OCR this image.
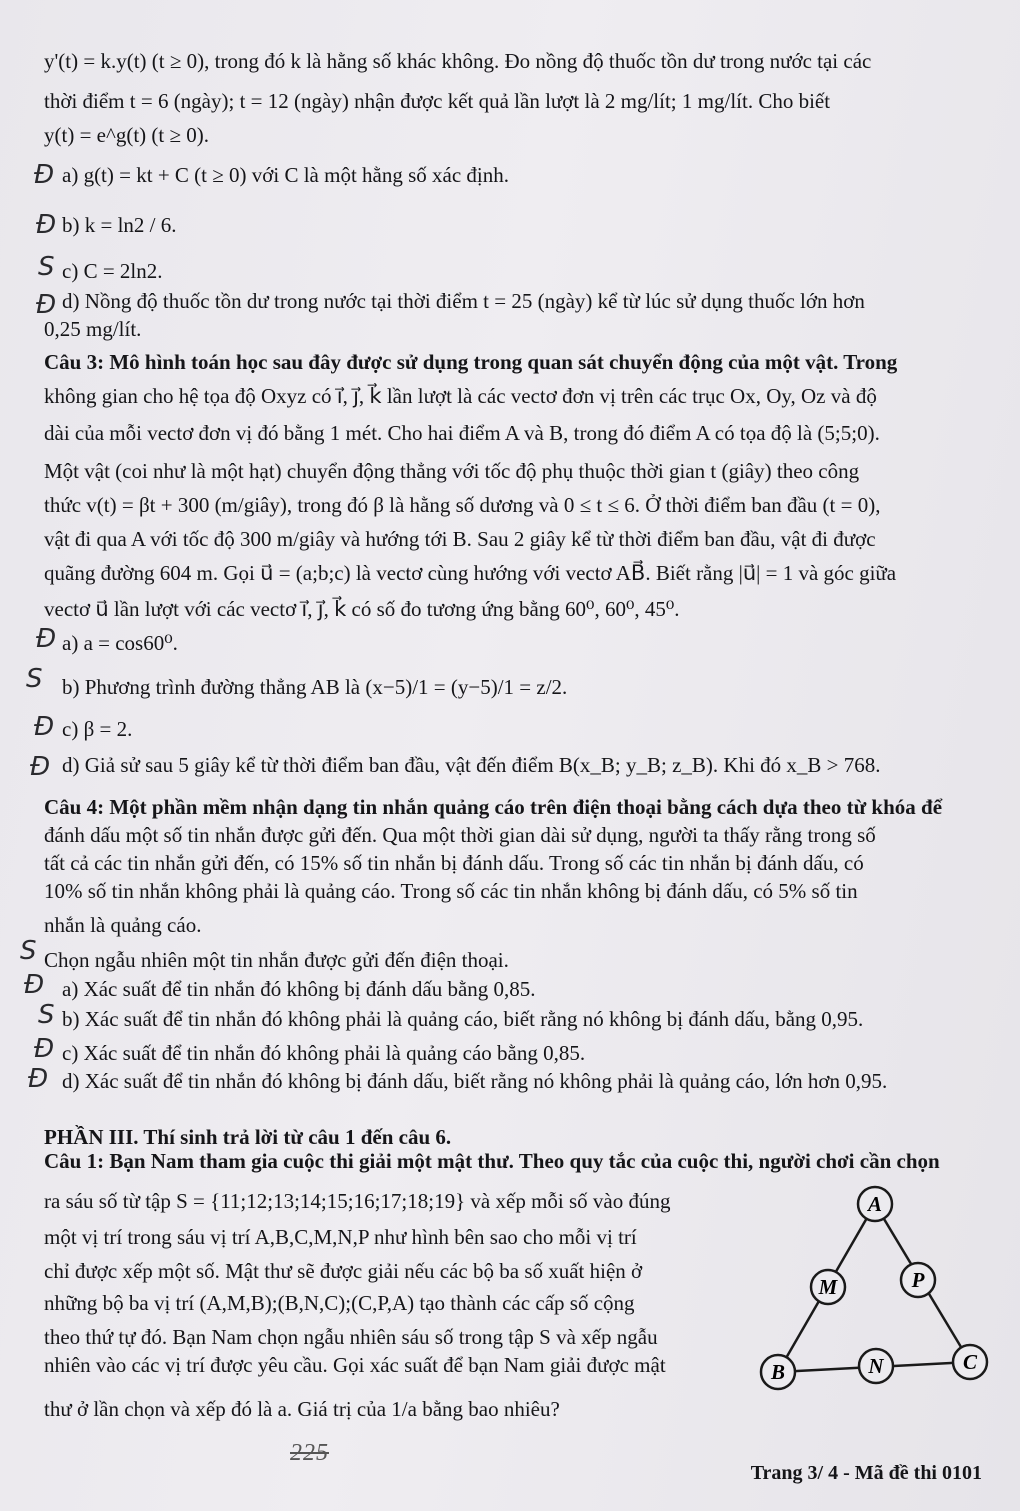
y'(t) = k.y(t) (t ≥ 0), trong đó k là hằng số khác không. Đo nồng độ thuốc tồn dư trong nước tại các
thời điểm t = 6 (ngày); t = 12 (ngày) nhận được kết quả lần lượt là 2 mg/lít; 1 mg/lít. Cho biết
y(t) = e^g(t) (t ≥ 0).
a) g(t) = kt + C (t ≥ 0) với C là một hằng số xác định.
b) k = ln2 / 6.
c) C = 2ln2.
d) Nồng độ thuốc tồn dư trong nước tại thời điểm t = 25 (ngày) kể từ lúc sử dụng thuốc lớn hơn
0,25 mg/lít.
Câu 3: Mô hình toán học sau đây được sử dụng trong quan sát chuyển động của một vật. Trong
không gian cho hệ tọa độ Oxyz có i⃗, j⃗, k⃗ lần lượt là các vectơ đơn vị trên các trục Ox, Oy, Oz và độ
dài của mỗi vectơ đơn vị đó bằng 1 mét. Cho hai điểm A và B, trong đó điểm A có tọa độ là (5;5;0).
Một vật (coi như là một hạt) chuyển động thẳng với tốc độ phụ thuộc thời gian t (giây) theo công
thức v(t) = βt + 300 (m/giây), trong đó β là hằng số dương và 0 ≤ t ≤ 6. Ở thời điểm ban đầu (t = 0),
vật đi qua A với tốc độ 300 m/giây và hướng tới B. Sau 2 giây kể từ thời điểm ban đầu, vật đi được
quãng đường 604 m. Gọi u⃗ = (a;b;c) là vectơ cùng hướng với vectơ AB⃗. Biết rằng |u⃗| = 1 và góc giữa
vectơ u⃗ lần lượt với các vectơ i⃗, j⃗, k⃗ có số đo tương ứng bằng 60⁰, 60⁰, 45⁰.
a) a = cos60⁰.
b) Phương trình đường thẳng AB là (x−5)/1 = (y−5)/1 = z/2.
c) β = 2.
d) Giả sử sau 5 giây kể từ thời điểm ban đầu, vật đến điểm B(x_B; y_B; z_B). Khi đó x_B > 768.
Câu 4: Một phần mềm nhận dạng tin nhắn quảng cáo trên điện thoại bằng cách dựa theo từ khóa để
đánh dấu một số tin nhắn được gửi đến. Qua một thời gian dài sử dụng, người ta thấy rằng trong số
tất cả các tin nhắn gửi đến, có 15% số tin nhắn bị đánh dấu. Trong số các tin nhắn bị đánh dấu, có
10% số tin nhắn không phải là quảng cáo. Trong số các tin nhắn không bị đánh dấu, có 5% số tin
nhắn là quảng cáo.
Chọn ngẫu nhiên một tin nhắn được gửi đến điện thoại.
a) Xác suất để tin nhắn đó không bị đánh dấu bằng 0,85.
b) Xác suất để tin nhắn đó không phải là quảng cáo, biết rằng nó không bị đánh dấu, bằng 0,95.
c) Xác suất để tin nhắn đó không phải là quảng cáo bằng 0,85.
d) Xác suất để tin nhắn đó không bị đánh dấu, biết rằng nó không phải là quảng cáo, lớn hơn 0,95.
PHẦN III. Thí sinh trả lời từ câu 1 đến câu 6.
Câu 1: Bạn Nam tham gia cuộc thi giải một mật thư. Theo quy tắc của cuộc thi, người chơi cần chọn
ra sáu số từ tập S = {11;12;13;14;15;16;17;18;19} và xếp mỗi số vào đúng
một vị trí trong sáu vị trí A,B,C,M,N,P như hình bên sao cho mỗi vị trí
chỉ được xếp một số. Mật thư sẽ được giải nếu các bộ ba số xuất hiện ở
những bộ ba vị trí (A,M,B);(B,N,C);(C,P,A) tạo thành các cấp số cộng
theo thứ tự đó. Bạn Nam chọn ngẫu nhiên sáu số trong tập S và xếp ngẫu
nhiên vào các vị trí được yêu cầu. Gọi xác suất để bạn Nam giải được mật
thư ở lần chọn và xếp đó là a. Giá trị của 1/a bằng bao nhiêu?
Đ
Đ
S
Đ
Đ
S
Đ
Đ
S
Đ
S
Đ
Đ
A
M	P
B	N	C
225
Trang 3/ 4 - Mã đề thi 0101
